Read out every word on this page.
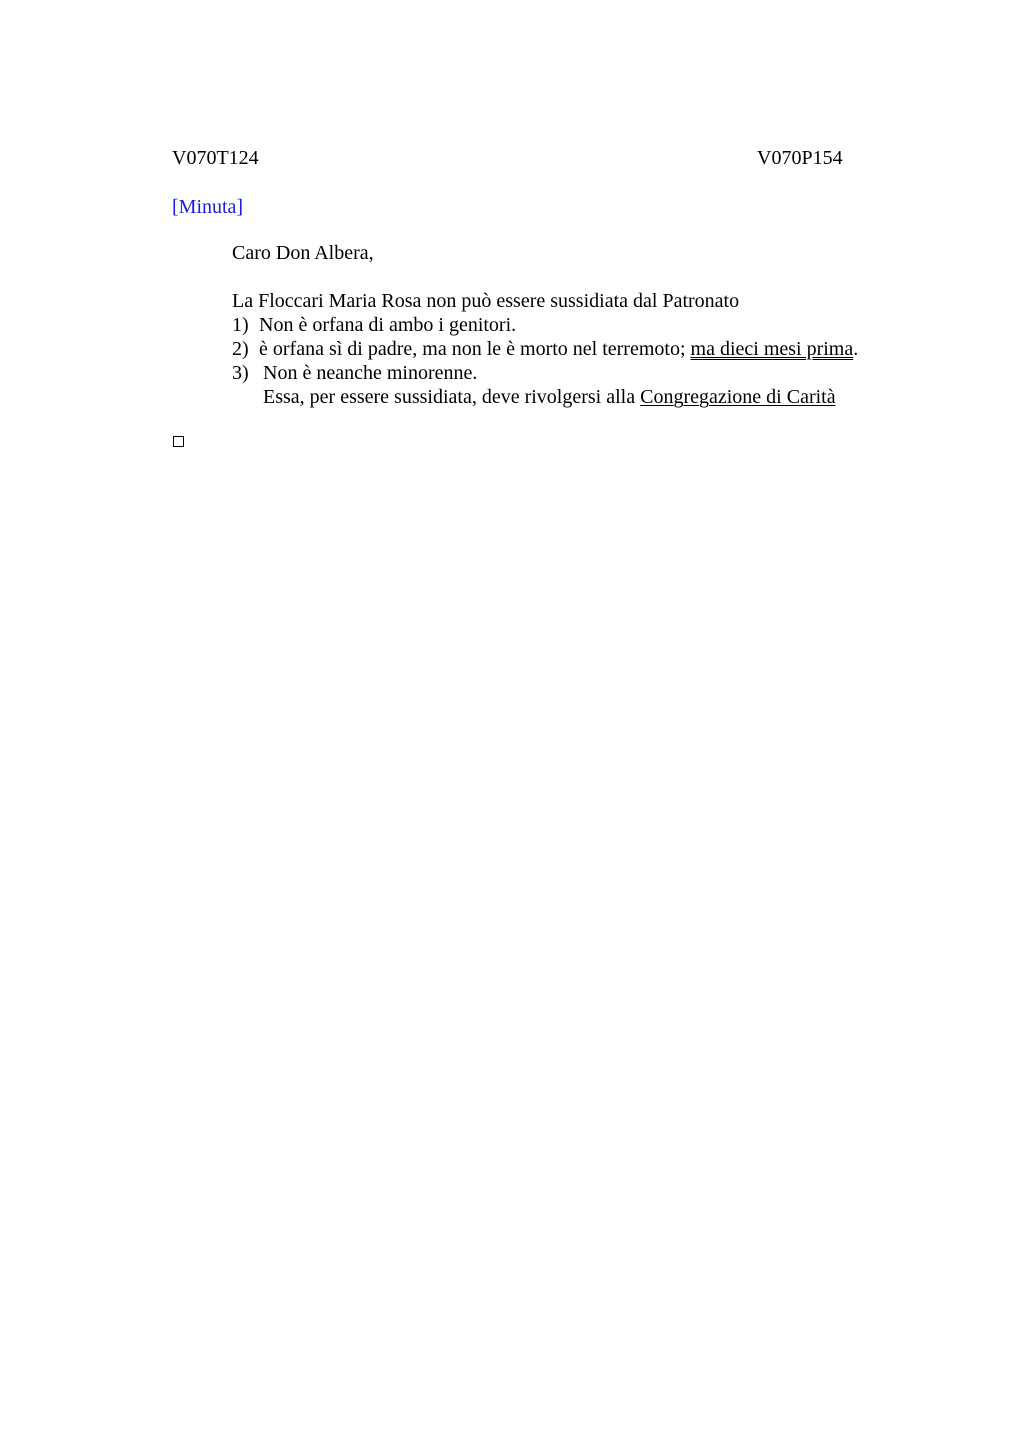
V070T124	V070P154
[Minuta]
Caro Don Albera,
La Floccari Maria Rosa non può essere sussidiata dal Patronato
1) Non è orfana di ambo i genitori.
2) è orfana sì di padre, ma non le è morto nel terremoto; ma dieci mesi prima.
3) Non è neanche minorenne.
Essa, per essere sussidiata, deve rivolgersi alla Congregazione di Carità
